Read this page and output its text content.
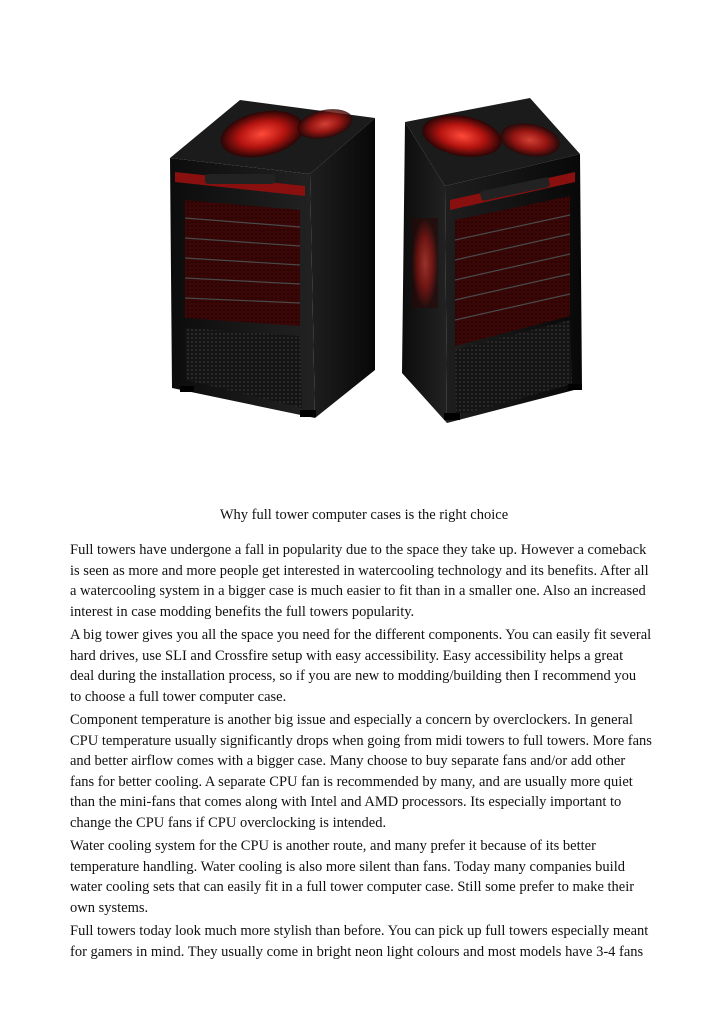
Why full tower computer cases is the right choice

Full towers have undergone a fall in popularity due to the space they take up. However a comeback
is seen as more and more people get interested in watercooling technology and its benefits. After all
a watercooling system in a bigger case is much easier to fit than in a smaller one. Also an increased
interest in case modding benefits the full towers popularity.

A big tower gives you all the space you need for the different components. You can easily fit several
hard drives, use SLI and Crossfire setup with easy accessibility. Easy accessibility helps a great
deal during the installation process, so if you are new to modding/building then I recommend you
to choose a full tower computer case.

Component temperature is another big issue and especially a concern by overclockers. In general
CPU temperature usually significantly drops when going from midi towers to full towers. More fans
and better airflow comes with a bigger case. Many choose to buy separate fans and/or add other
fans for better cooling. A separate CPU fan is recommended by many, and are usually more quiet
than the mini-fans that comes along with Intel and AMD processors. Its especially important to
change the CPU fans if CPU overclocking is intended.

Water cooling system for the CPU is another route, and many prefer it because of its better
temperature handling. Water cooling is also more silent than fans. Today many companies build
water cooling sets that can easily fit in a full tower computer case. Still some prefer to make their
own systems.

Full towers today look much more stylish than before. You can pick up full towers especially meant
for gamers in mind. They usually come in bright neon light colours and most models have 3-4 fans
